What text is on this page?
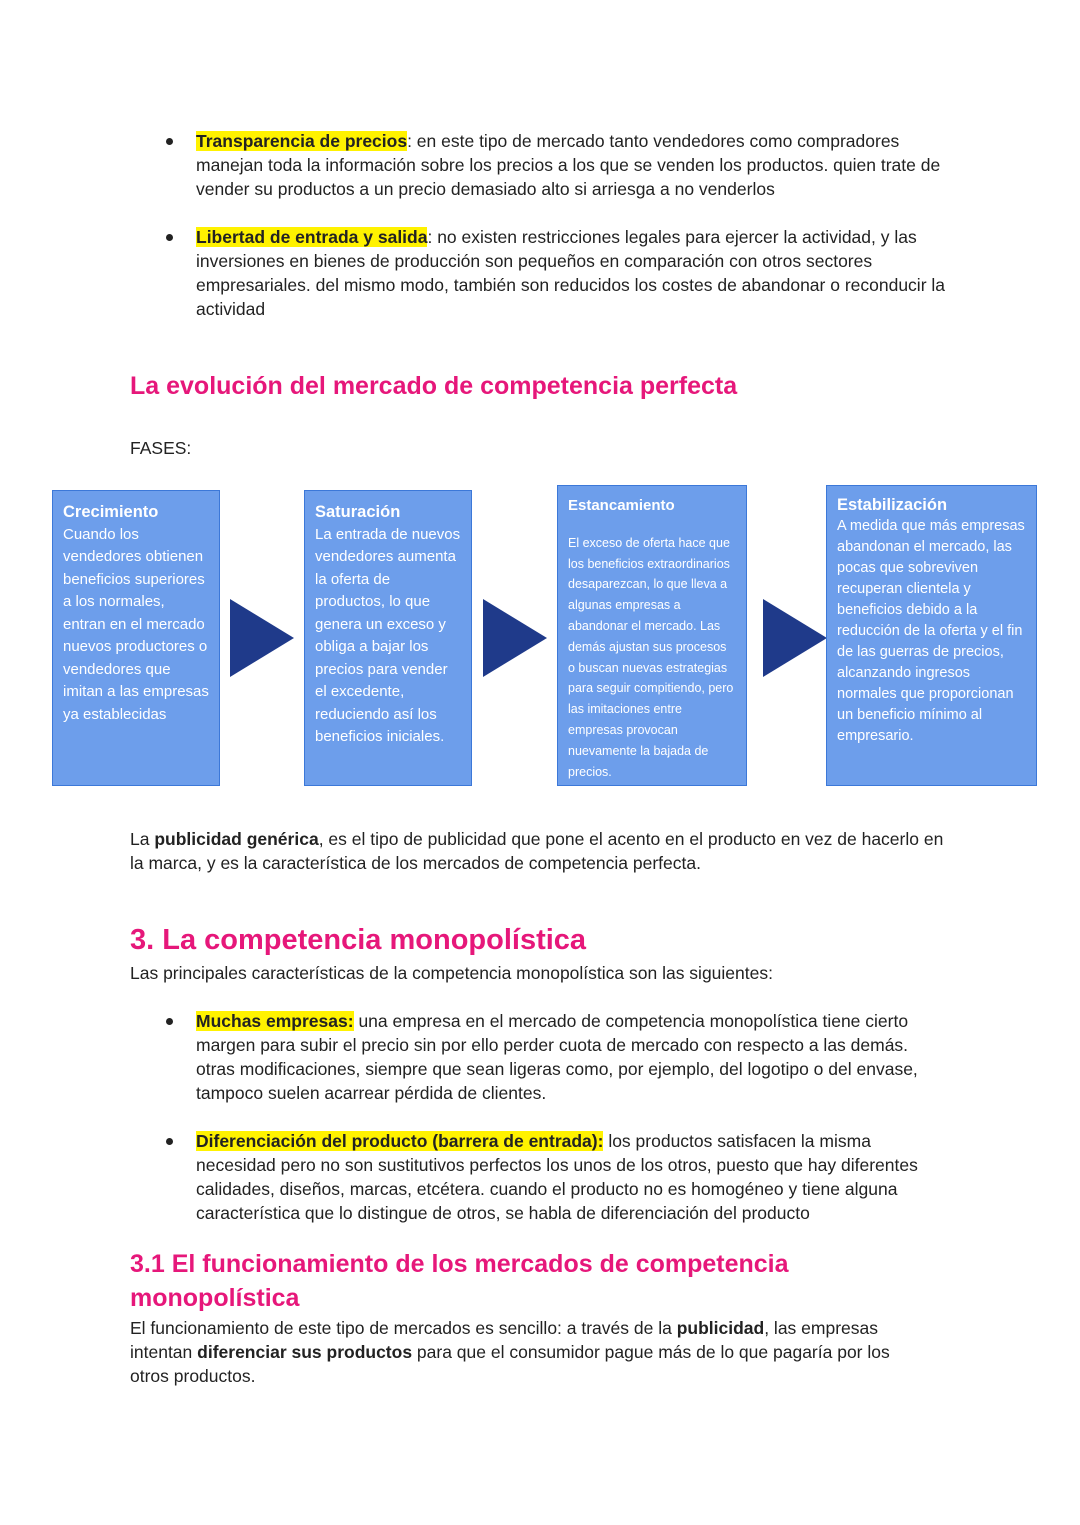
Transparencia de precios: en este tipo de mercado tanto vendedores como compradores manejan toda la información sobre los precios a los que se venden los productos. quien trate de vender su productos a un precio demasiado alto si arriesga a no venderlos
Libertad de entrada y salida: no existen restricciones legales para ejercer la actividad, y las inversiones en bienes de producción son pequeños en comparación con otros sectores empresariales. del mismo modo, también son reducidos los costes de abandonar o reconducir la actividad
La evolución del mercado de competencia perfecta

FASES:

Crecimiento
Cuando los vendedores obtienen beneficios superiores a los normales, entran en el mercado nuevos productores o vendedores que imitan a las empresas ya establecidas
Saturación
La entrada de nuevos vendedores aumenta la oferta de productos, lo que genera un exceso y obliga a bajar los precios para vender el excedente, reduciendo así los beneficios iniciales.
Estancamiento
El exceso de oferta hace que los beneficios extraordinarios desaparezcan, lo que lleva a algunas empresas a abandonar el mercado. Las demás ajustan sus procesos o buscan nuevas estrategias para seguir compitiendo, pero las imitaciones entre empresas provocan nuevamente la bajada de precios.
Estabilización
A medida que más empresas abandonan el mercado, las pocas que sobreviven recuperan clientela y beneficios debido a la reducción de la oferta y el fin de las guerras de precios, alcanzando ingresos normales que proporcionan un beneficio mínimo al empresario.

La publicidad genérica, es el tipo de publicidad que pone el acento en el producto en vez de hacerlo en la marca, y es la característica de los mercados de competencia perfecta.

3. La competencia monopolística

Las principales características de la competencia monopolística son las siguientes:

Muchas empresas: una empresa en el mercado de competencia monopolística tiene cierto margen para subir el precio sin por ello perder cuota de mercado con respecto a las demás. otras modificaciones, siempre que sean ligeras como, por ejemplo, del logotipo o del envase, tampoco suelen acarrear pérdida de clientes.
Diferenciación del producto (barrera de entrada): los productos satisfacen la misma necesidad pero no son sustitutivos perfectos los unos de los otros, puesto que hay diferentes calidades, diseños, marcas, etcétera. cuando el producto no es homogéneo y tiene alguna característica que lo distingue de otros, se habla de diferenciación del producto
3.1 El funcionamiento de los mercados de competencia monopolística

El funcionamiento de este tipo de mercados es sencillo: a través de la publicidad, las empresas intentan diferenciar sus productos para que el consumidor pague más de lo que pagaría por los otros productos.
